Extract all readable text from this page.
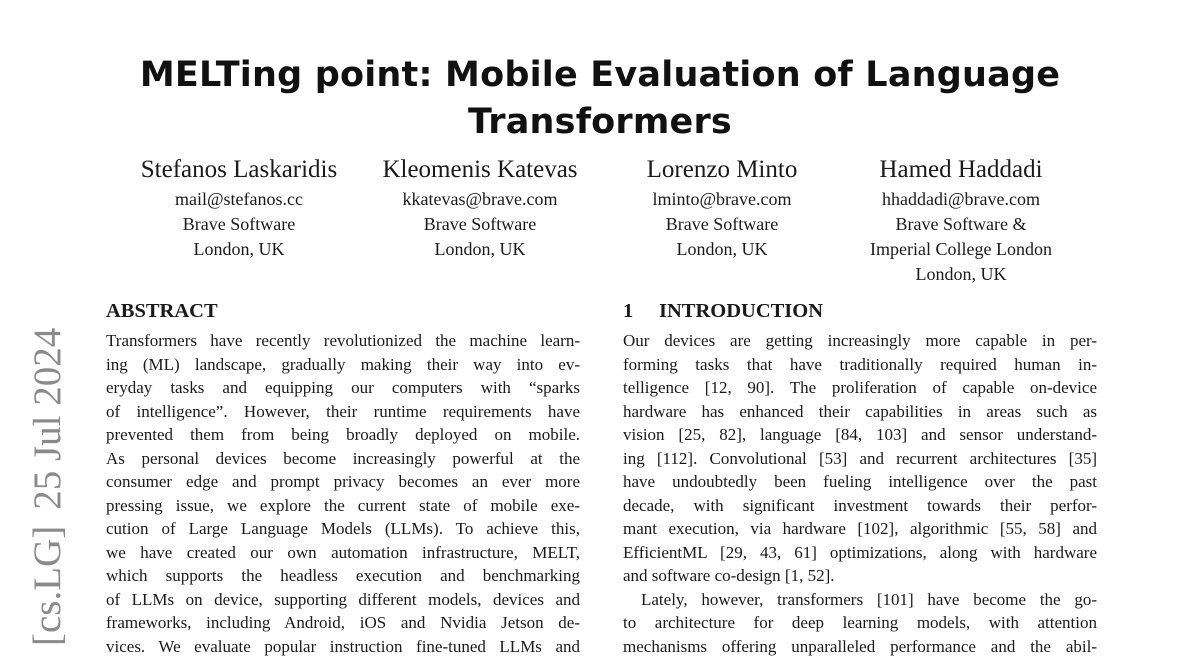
MELTing point: Mobile Evaluation of Language
Transformers
Stefanos Laskaridis
mail@stefanos.cc
Brave Software
London, UK
Kleomenis Katevas
kkatevas@brave.com
Brave Software
London, UK
Lorenzo Minto
lminto@brave.com
Brave Software
London, UK
Hamed Haddadi
hhaddadi@brave.com
Brave Software &
Imperial College London
London, UK
[cs.LG]25 Jul 2024
ABSTRACT
Transformers have recently revolutionized the machine learn-
ing (ML) landscape, gradually making their way into ev-
eryday tasks and equipping our computers with “sparks
of intelligence”. However, their runtime requirements have
prevented them from being broadly deployed on mobile.
As personal devices become increasingly powerful at the
consumer edge and prompt privacy becomes an ever more
pressing issue, we explore the current state of mobile exe-
cution of Large Language Models (LLMs). To achieve this,
we have created our own automation infrastructure, MELT,
which supports the headless execution and benchmarking
of LLMs on device, supporting different models, devices and
frameworks, including Android, iOS and Nvidia Jetson de-
vices. We evaluate popular instruction fine-tuned LLMs and
1 INTRODUCTION
Our devices are getting increasingly more capable in per-
forming tasks that have traditionally required human in-
telligence [12, 90]. The proliferation of capable on-device
hardware has enhanced their capabilities in areas such as
vision [25, 82], language [84, 103] and sensor understand-
ing [112]. Convolutional [53] and recurrent architectures [35]
have undoubtedly been fueling intelligence over the past
decade, with significant investment towards their perfor-
mant execution, via hardware [102], algorithmic [55, 58] and
EfficientML [29, 43, 61] optimizations, along with hardware
and software co-design [1, 52].
Lately, however, transformers [101] have become the go-
to architecture for deep learning models, with attention
mechanisms offering unparalleled performance and the abil-
